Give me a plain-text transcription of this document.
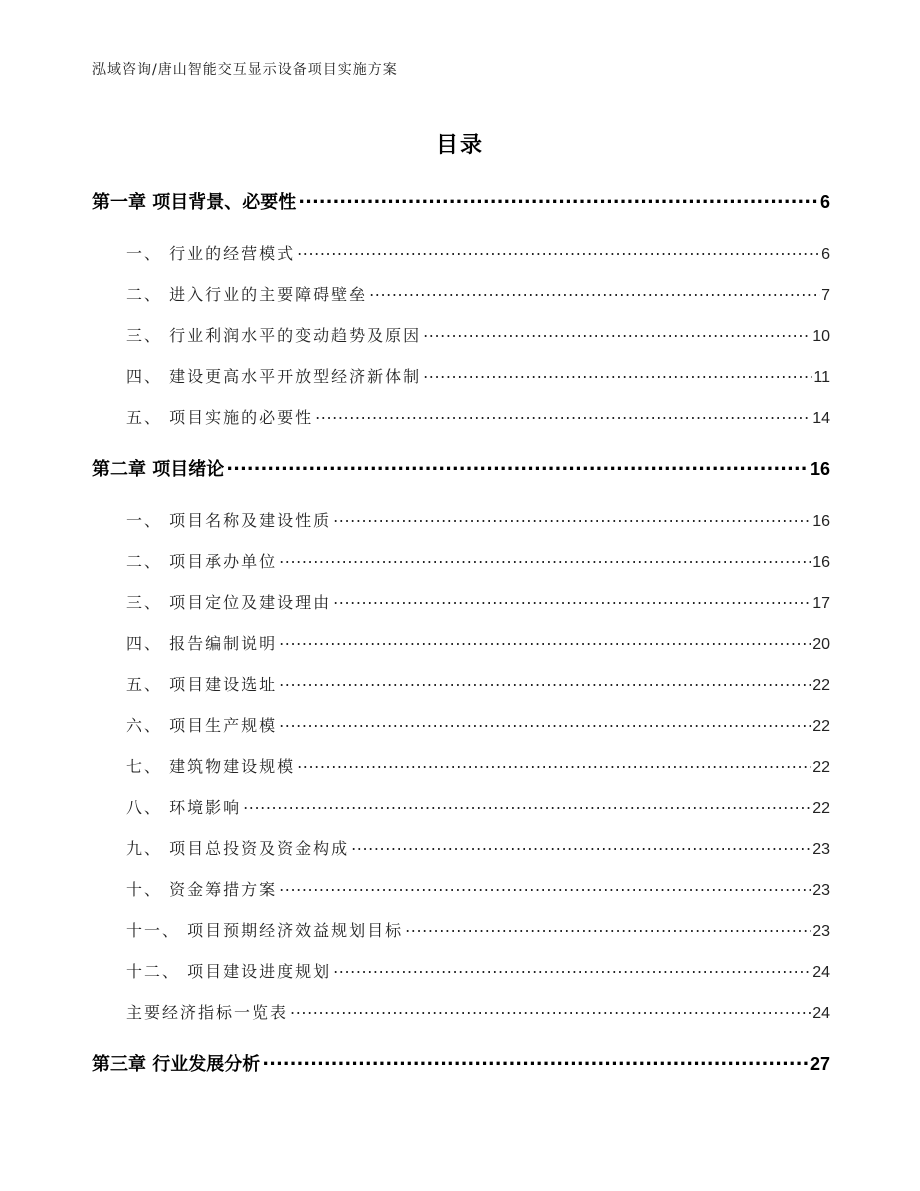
泓域咨询/唐山智能交互显示设备项目实施方案
目录
第一章 项目背景、必要性 .....	6
一、 行业的经营模式 .....	6
二、 进入行业的主要障碍壁垒 .....	7
三、 行业利润水平的变动趋势及原因 .....	10
四、 建设更高水平开放型经济新体制 .....	11
五、 项目实施的必要性 .....	14
第二章 项目绪论 .....	16
一、 项目名称及建设性质 .....	16
二、 项目承办单位 .....	16
三、 项目定位及建设理由 .....	17
四、 报告编制说明 .....	20
五、 项目建设选址 .....	22
六、 项目生产规模 .....	22
七、 建筑物建设规模 .....	22
八、 环境影响 .....	22
九、 项目总投资及资金构成 .....	23
十、 资金筹措方案 .....	23
十一、 项目预期经济效益规划目标 .....	23
十二、 项目建设进度规划 .....	24
主要经济指标一览表 .....	24
第三章 行业发展分析 .....	27
